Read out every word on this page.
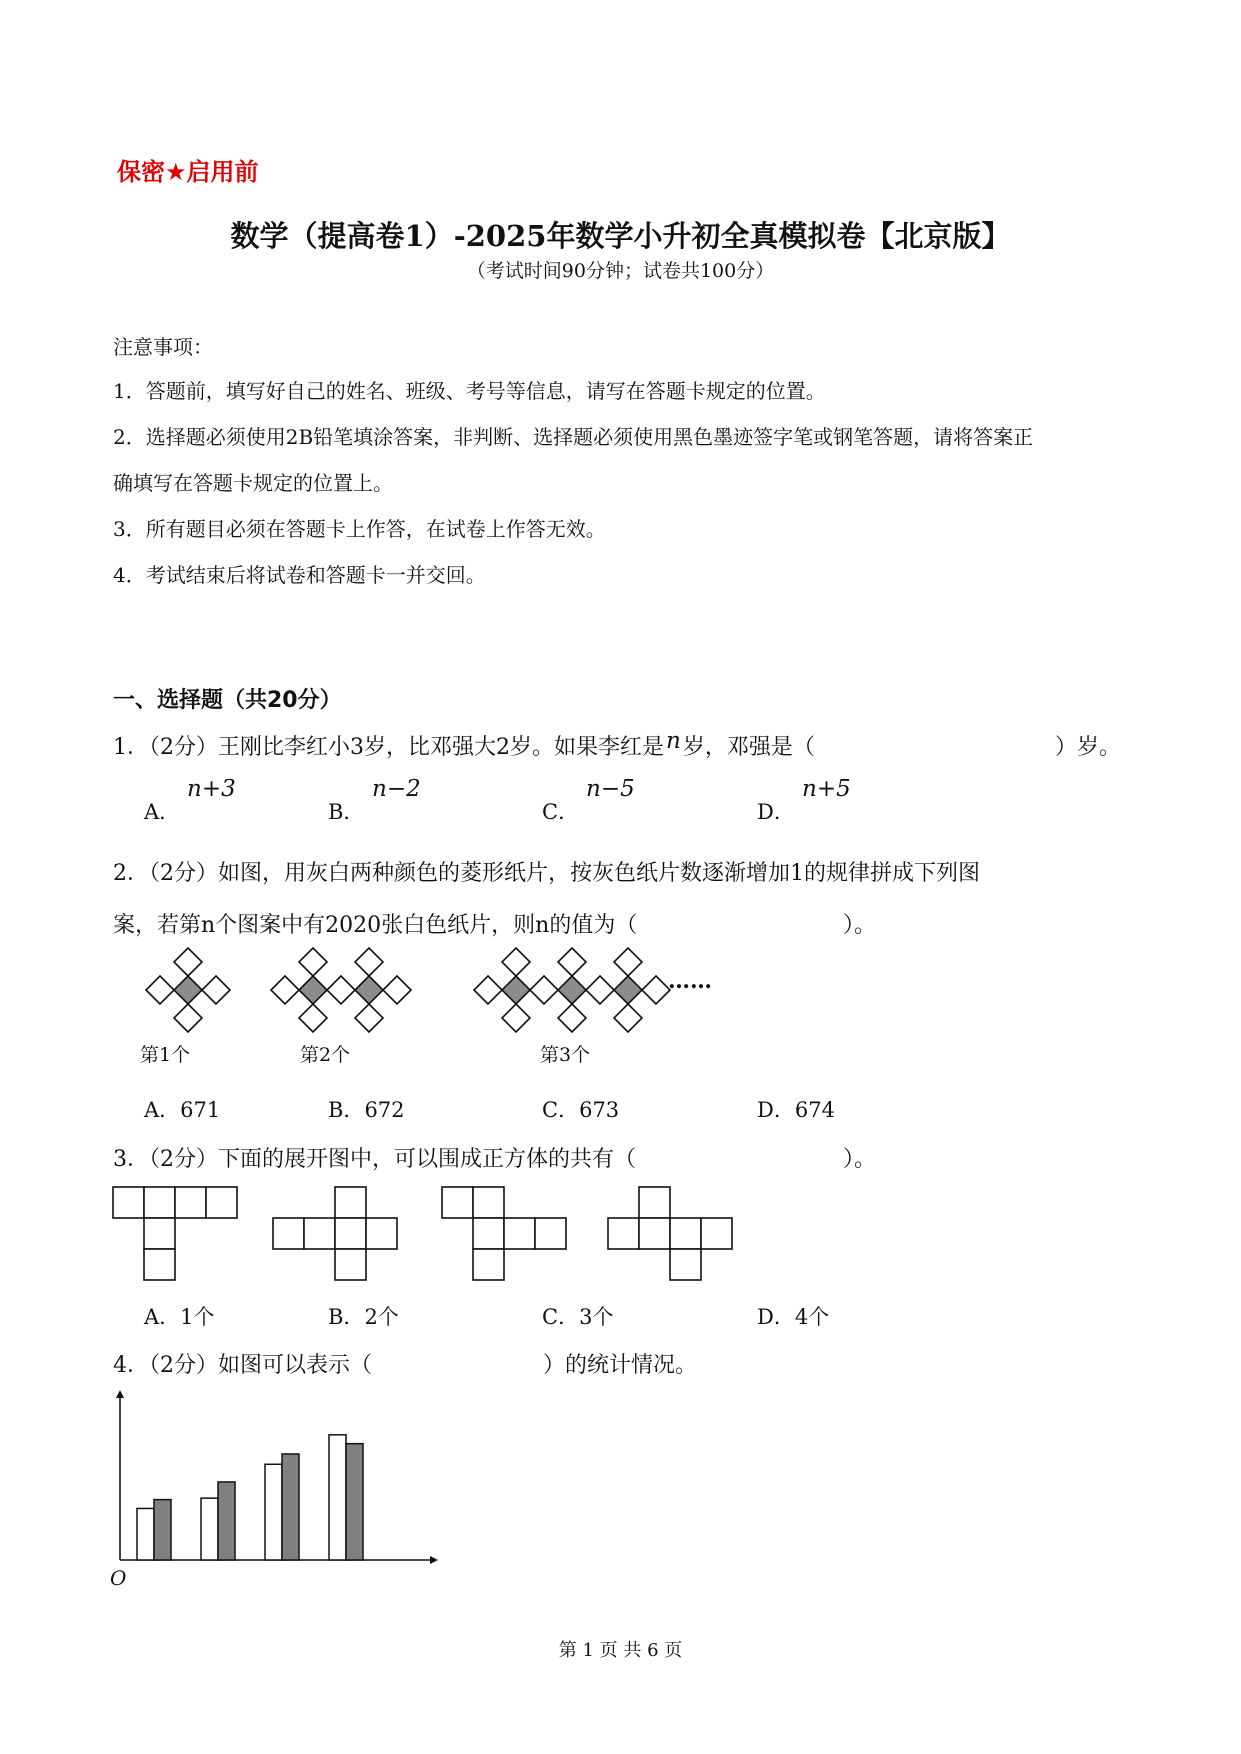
保密★启用前
数学（提高卷1）-2025年数学小升初全真模拟卷【北京版】
（考试时间90分钟；试卷共100分）
注意事项：
1．答题前，填写好自己的姓名、班级、考号等信息，请写在答题卡规定的位置。
2．选择题必须使用2B铅笔填涂答案，非判断、选择题必须使用黑色墨迹签字笔或钢笔答题，请将答案正
确填写在答题卡规定的位置上。
3．所有题目必须在答题卡上作答，在试卷上作答无效。
4．考试结束后将试卷和答题卡一并交回。
一、选择题（共20分）
1．（2分）王刚比李红小3岁，比邓强大2岁。如果李红是n岁，邓强是（	）岁。
A．
n+3
B．
n−2
C．
n−5
D．
n+5
2．（2分）如图，用灰白两种颜色的菱形纸片，按灰色纸片数逐渐增加1的规律拼成下列图
案，若第n个图案中有2020张白色纸片，则n的值为（	）。
……
第1个	第2个	第3个
A．671	B．672	C．673	D．674
3．（2分）下面的展开图中，可以围成正方体的共有（	）。
A．1个	B．2个	C．3个	D．4个
4．（2分）如图可以表示（	）的统计情况。
O
第 1 页 共 6 页
